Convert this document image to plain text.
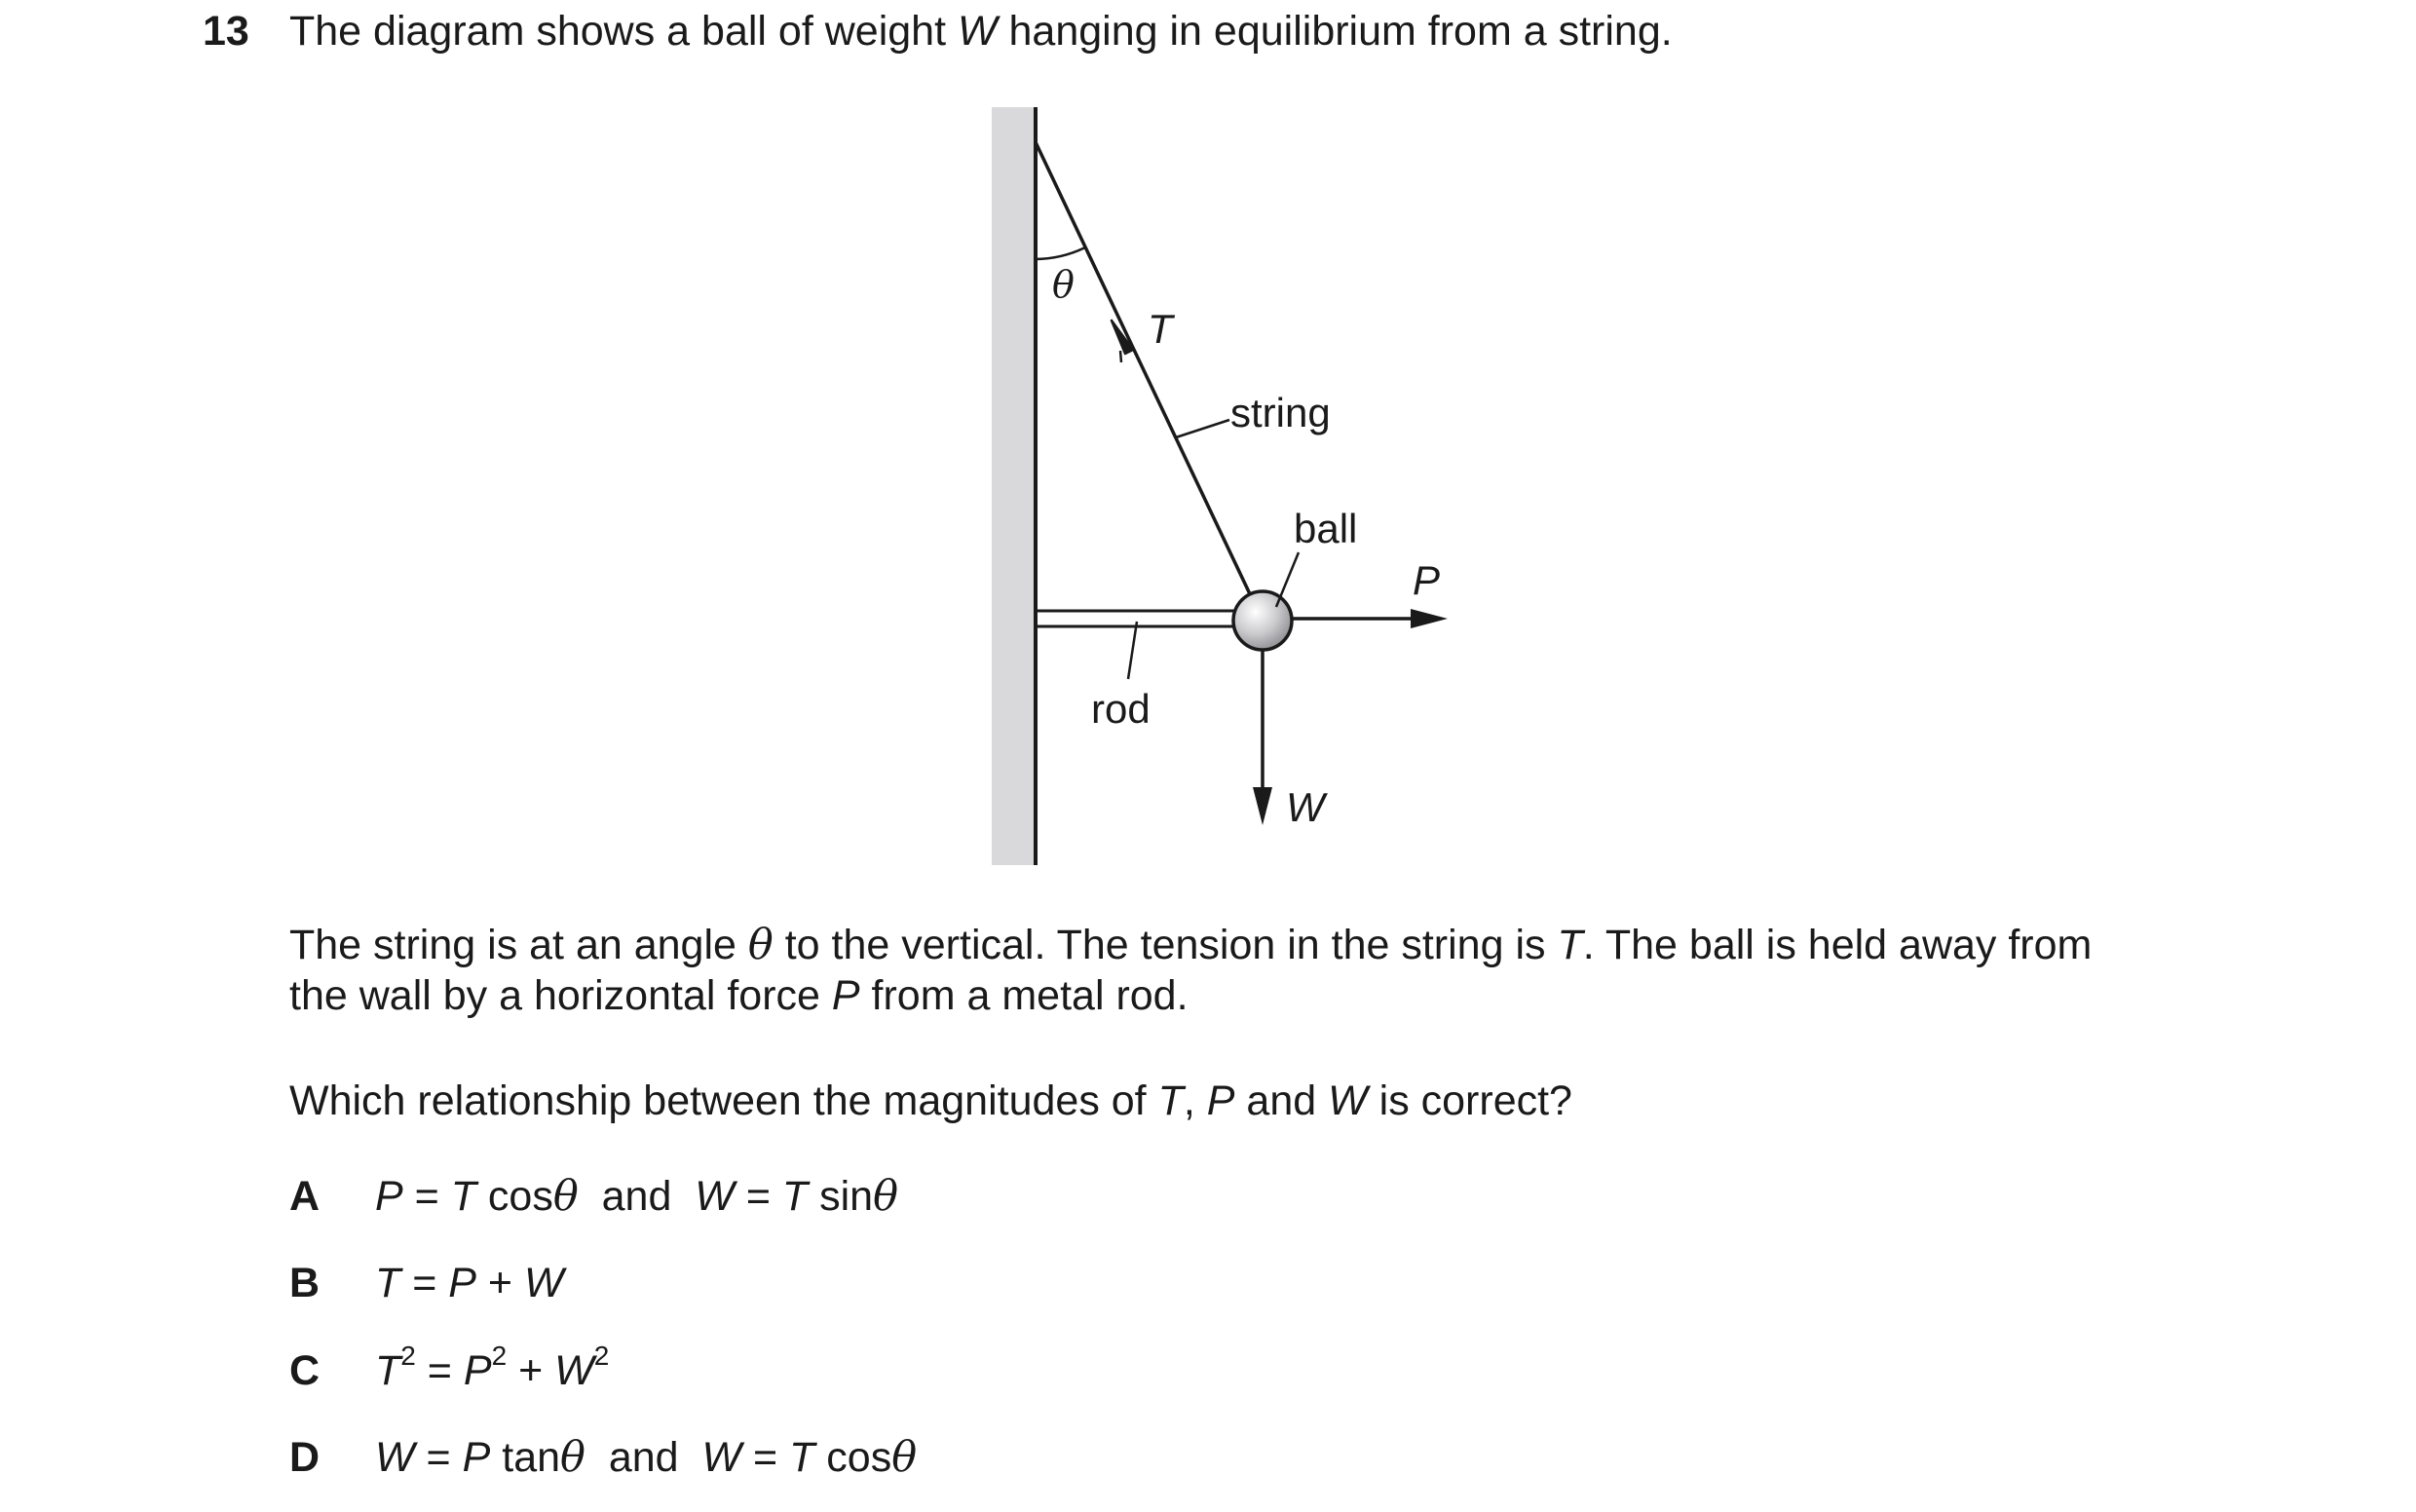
13 The diagram shows a ball of weight W hanging in equilibrium from a string.
θ
T
string
rod
P
W
ball
The string is at an angle θ to the vertical. The tension in the string is T. The ball is held away from
the wall by a horizontal force P from a metal rod.
Which relationship between the magnitudes of T, P and W is correct?
A P = T cosθ  and  W = T sinθ
B T = P + W
C $T^2 = P^2 + W^2$
D W = P tanθ  and  W = T cosθ
